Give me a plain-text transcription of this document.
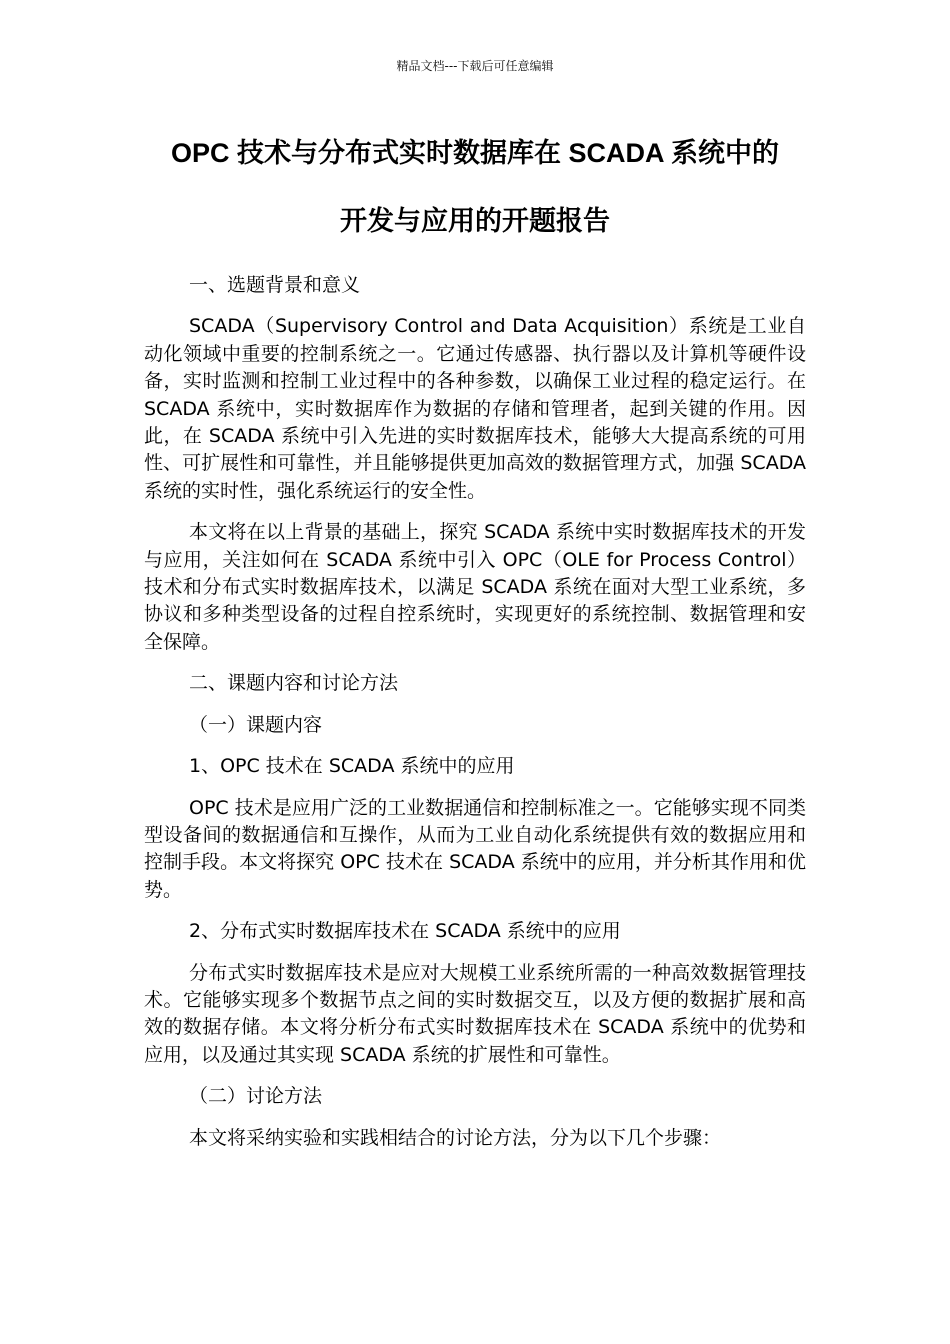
精品文档---下载后可任意编辑
OPC 技术与分布式实时数据库在 SCADA 系统中的
开发与应用的开题报告

一、选题背景和意义

SCADA（Supervisory Control and Data Acquisition）系统是工业自动化领域中重要的控制系统之一。它通过传感器、执行器以及计算机等硬件设备，实时监测和控制工业过程中的各种参数，以确保工业过程的稳定运行。在 SCADA 系统中，实时数据库作为数据的存储和管理者，起到关键的作用。因此，在 SCADA 系统中引入先进的实时数据库技术，能够大大提高系统的可用性、可扩展性和可靠性，并且能够提供更加高效的数据管理方式，加强 SCADA 系统的实时性，强化系统运行的安全性。

本文将在以上背景的基础上，探究 SCADA 系统中实时数据库技术的开发与应用，关注如何在 SCADA 系统中引入 OPC（OLE for Process Control）技术和分布式实时数据库技术，以满足 SCADA 系统在面对大型工业系统，多协议和多种类型设备的过程自控系统时，实现更好的系统控制、数据管理和安全保障。

二、课题内容和讨论方法

（一）课题内容

1、OPC 技术在 SCADA 系统中的应用

OPC 技术是应用广泛的工业数据通信和控制标准之一。它能够实现不同类型设备间的数据通信和互操作，从而为工业自动化系统提供有效的数据应用和控制手段。本文将探究 OPC 技术在 SCADA 系统中的应用，并分析其作用和优势。

2、分布式实时数据库技术在 SCADA 系统中的应用

分布式实时数据库技术是应对大规模工业系统所需的一种高效数据管理技术。它能够实现多个数据节点之间的实时数据交互，以及方便的数据扩展和高效的数据存储。本文将分析分布式实时数据库技术在 SCADA 系统中的优势和应用，以及通过其实现 SCADA 系统的扩展性和可靠性。

（二）讨论方法

本文将采纳实验和实践相结合的讨论方法，分为以下几个步骤：
